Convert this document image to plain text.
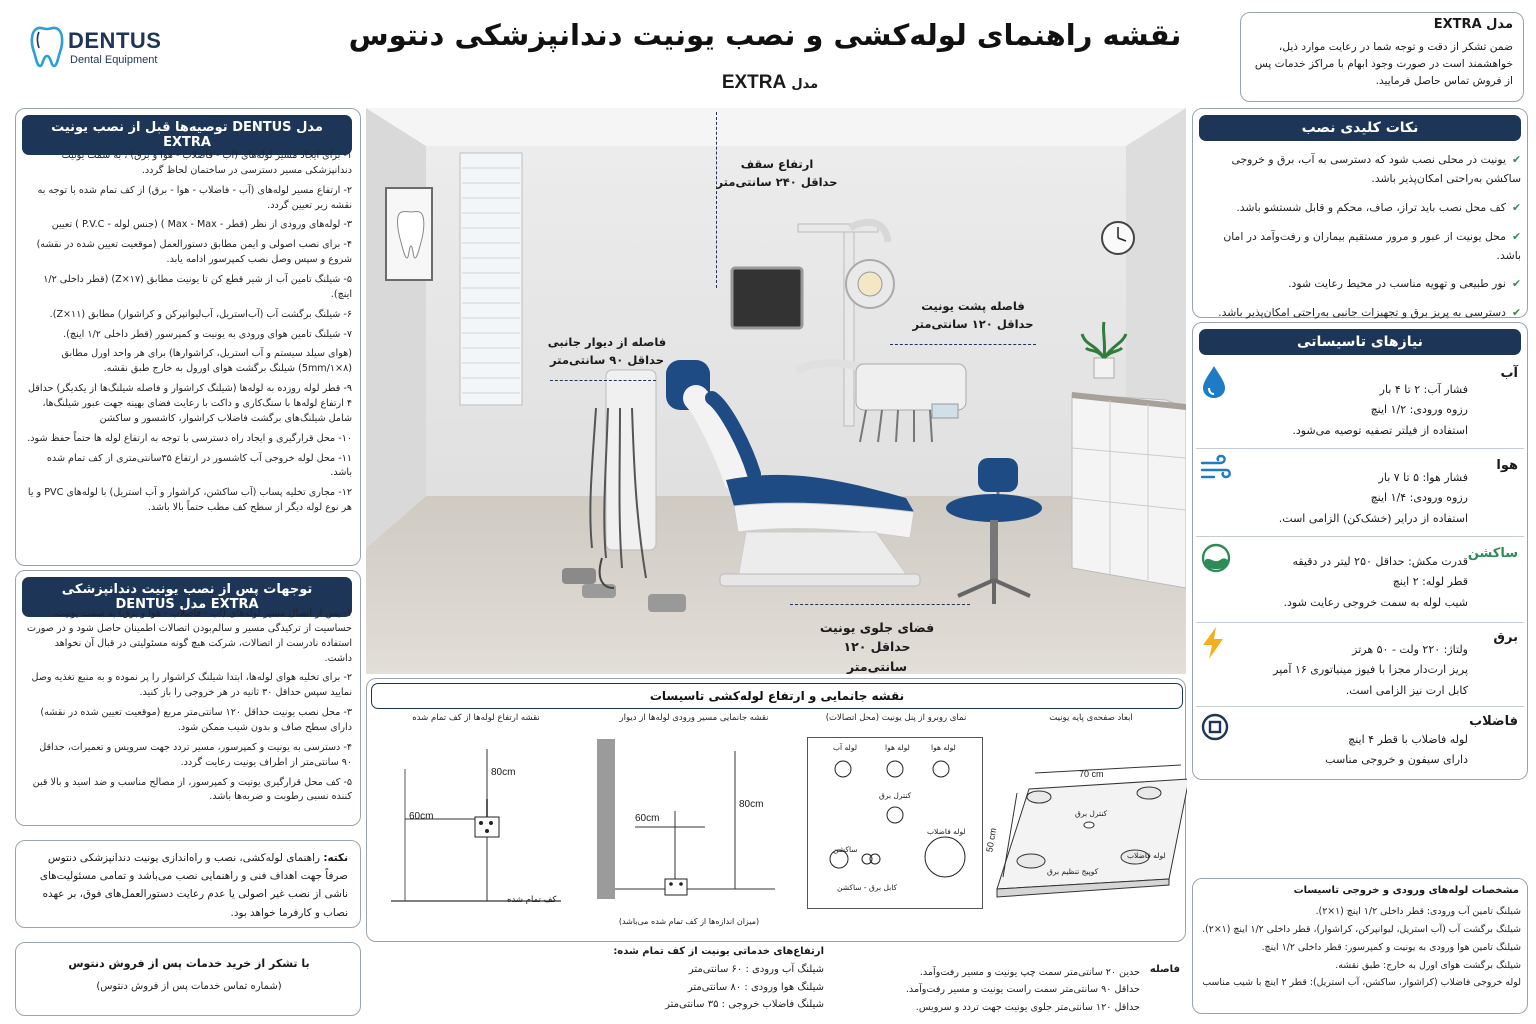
DENTUS
Dental Equipment
نقشه راهنمای لوله‌کشی و نصب یونیت دندانپزشکی دنتوس
مدل EXTRA
مدل EXTRA
ضمن تشکر از دقت و توجه شما در رعایت موارد ذیل، خواهشمند است در صورت وجود ابهام با مراکز خدمات پس از فروش تماس حاصل فرمایید.
توصیه‌ها قبل از نصب یونیت DENTUS مدل EXTRA
۱- برای ایجاد مسیر لوله‌های (آب - فاضلاب - هوا و برق) ، به سمت یونیت دندانپزشکی مسیر دسترسی در ساختمان لحاظ گردد.
۲- ارتفاع مسیر لوله‌های (آب - فاضلاب - هوا - برق) از کف تمام شده با توجه به نقشه زیر تعیین گردد.
۳- لوله‌های ورودی از نظر (قطر - Max - Max ) (جنس لوله - P.V.C ) تعیین
۴- برای نصب اصولی و ایمن مطابق دستورالعمل (موقعیت تعیین شده در نقشه) شروع و سپس وصل نصب کمپرسور ادامه یابد.
۵- شیلنگ تامین آب از شیر قطع کن تا یونیت مطابق (۱۷×Z) (قطر داخلی ۱/۲ اینچ).
۶- شیلنگ برگشت آب (آب‌استریل، آب‌لیوانپرکن و کراشوار) مطابق (Z×۱۱).
۷- شیلنگ تامین هوای ورودی به یونیت و کمپرسور (قطر داخلی ۱/۲ اینچ).
(هوای سیلد سیستم و آب استریل، کراشوارها) برای هر واحد اورل مطابق (۸×5mm/۱) شیلنگ برگشت هوای اورول به خارج طبق نقشه.
۹- قطر لوله روزده به لوله‌ها (شیلنگ کراشوار و فاصله شیلنگ‌ها از یکدیگر) حداقل ۴ ارتفاع لوله‌ها با سنگ‌کاری و داکت با رعایت فضای بهینه جهت عبور شیلنگ‌ها، شامل شیلنگ‌های برگشت فاضلاب کراشوار، کاشسور و ساکشن
۱۰- محل قرارگیری و ایجاد راه دسترسی با توجه به ارتفاع لوله ها حتماً حفظ شود.
۱۱- محل لوله خروجی آب کاشسور در ارتفاع ۳۵سانتی‌متری از کف تمام شده باشد.
۱۲- مجاری تخلیه پساب (آب ساکشن، کراشوار و آب استریل) با لوله‌های PVC و یا هر نوع لوله دیگر از سطح کف مطب حتماً بالا باشد.
توجهات پس از نصب یونیت دندانپزشکی DENTUS مدل EXTRA
۱- پس از اتصال مسیر لوله‌های (آب - فاضلاب - هوا و برق) به سمت یونیت، حساسیت از ترکیدگی مسیر و سالم‌بودن اتصالات اطمینان حاصل شود و در صورت استفاده نادرست از اتصالات، شرکت هیچ گونه مسئولیتی در قبال آن نخواهد داشت.
۲- برای تخلیه هوای لوله‌ها، ابتدا شیلنگ کراشوار را پر نموده و به منبع تغذیه وصل نمایید سپس حداقل ۳۰ ثانیه در هر خروجی را باز کنید.
۳- محل نصب یونیت حداقل ۱۲۰ سانتی‌متر مربع (موقعیت تعیین شده در نقشه) دارای سطح صاف و بدون شیب ممکن شود.
۴- دسترسی به یونیت و کمپرسور، مسیر تردد جهت سرویس و تعمیرات، حداقل ۹۰ سانتی‌متر از اطراف یونیت رعایت گردد.
۵- کف محل قرارگیری یونیت و کمپرسور، از مصالح مناسب و ضد اسید و بالا قبن کننده نسبی رطوبت و ضربه‌ها باشد.
نکته: راهنمای لوله‌کشی، نصب و راه‌اندازی یونیت دندانپزشکی دنتوس صرفاً جهت اهداف فنی و راهنمایی نصب می‌باشد و تمامی مسئولیت‌های ناشی از نصب غیر اصولی یا عدم رعایت دستورالعمل‌های فوق، بر عهده نصاب و کارفرما خواهد بود.
با تشکر از خرید خدمات پس از فروش دنتوس
(شماره تماس خدمات پس از فروش دنتوس)
ارتفاع سقف
حداقل ۲۴۰ سانتی‌متر
فاصله از دیوار جانبی
حداقل ۹۰ سانتی‌متر
فاصله پشت یونیت
حداقل ۱۲۰ سانتی‌متر
فضای جلوی یونیت
حداقل ۱۲۰ سانتی‌متر
نقشه جانمایی و ارتفاع لوله‌کشی تاسیسات
نقشه ارتفاع لوله‌ها از کف تمام شده
80cm
60cm
کف تمام شده
نقشه جانمایی مسیر ورودی لوله‌ها از دیوار
60cm
80cm
(میزان اندازه‌ها از کف تمام شده می‌باشد)
نمای روبرو از پنل یونیت (محل اتصالات)
لوله آب	لوله هوا	لوله هوا
کنترل برق
لوله فاضلاب
ساکشن
کابل برق - ساکشن
ابعاد صفحه‌ی پایه یونیت
70 cm
50 cm
کنترل برق
کوپیج تنظیم برق
لوله فاضلاب
ارتفاع‌های خدماتی یونیت از کف تمام شده:
شیلنگ آب ورودی : ۶۰ سانتی‌متر
شیلنگ هوا ورودی : ۸۰ سانتی‌متر
شیلنگ فاضلاب خروجی : ۳۵ سانتی‌متر
فاصله
حدین ۲۰ سانتی‌متر سمت چپ یونیت و مسیر رفت‌وآمد.
حداقل ۹۰ سانتی‌متر سمت راست یونیت و مسیر رفت‌وآمد.
حداقل ۱۲۰ سانتی‌متر جلوی یونیت جهت تردد و سرویس.
نکات کلیدی نصب
✔یونیت در محلی نصب شود که دسترسی به آب، برق و خروجی ساکشن به‌راحتی امکان‌پذیر باشد.
✔کف محل نصب باید تراز، صاف، محکم و قابل شستشو باشد.
✔محل یونیت از عبور و مرور مستقیم بیماران و رفت‌وآمد در امان باشد.
✔نور طبیعی و تهویه مناسب در محیط رعایت شود.
✔دسترسی به پریز برق و تجهیزات جانبی به‌راحتی امکان‌پذیر باشد.
نیازهای تاسیساتی
آب
فشار آب: ۲ تا ۴ بار
رزوه ورودی: ۱/۲ اینچ
استفاده از فیلتر تصفیه توصیه می‌شود.
هوا
فشار هوا: ۵ تا ۷ بار
رزوه ورودی: ۱/۴ اینچ
استفاده از درایر (خشک‌کن) الزامی است.
ساکشن
قدرت مکش: حداقل ۲۵۰ لیتر در دقیقه
قطر لوله: ۲ اینچ
شیب لوله به سمت خروجی رعایت شود.
برق
ولتاژ: ۲۲۰ ولت - ۵۰ هرتز
پریز ارت‌دار مجزا با فیوز مینیاتوری ۱۶ آمپر
کابل ارت نیز الزامی است.
فاضلاب
لوله فاضلاب با قطر ۴ اینچ
دارای سیفون و خروجی مناسب
مشخصات لوله‌های ورودی و خروجی تاسیسات
شیلنگ تامین آب ورودی: قطر داخلی ۱/۲ اینچ (۱×۲).
شیلنگ برگشت آب (آب استریل، لیوانپرکن، کراشوار)، قطر داخلی ۱/۲ اینچ (۱×۲).
شیلنگ تامین هوا ورودی به یونیت و کمپرسور: قطر داخلی ۱/۲ اینچ.
شیلنگ برگشت هوای اورل به خارج: طبق نقشه.
لوله خروجی فاضلاب (کراشوار، ساکشن، آب استریل): قطر ۲ اینچ با شیب مناسب
